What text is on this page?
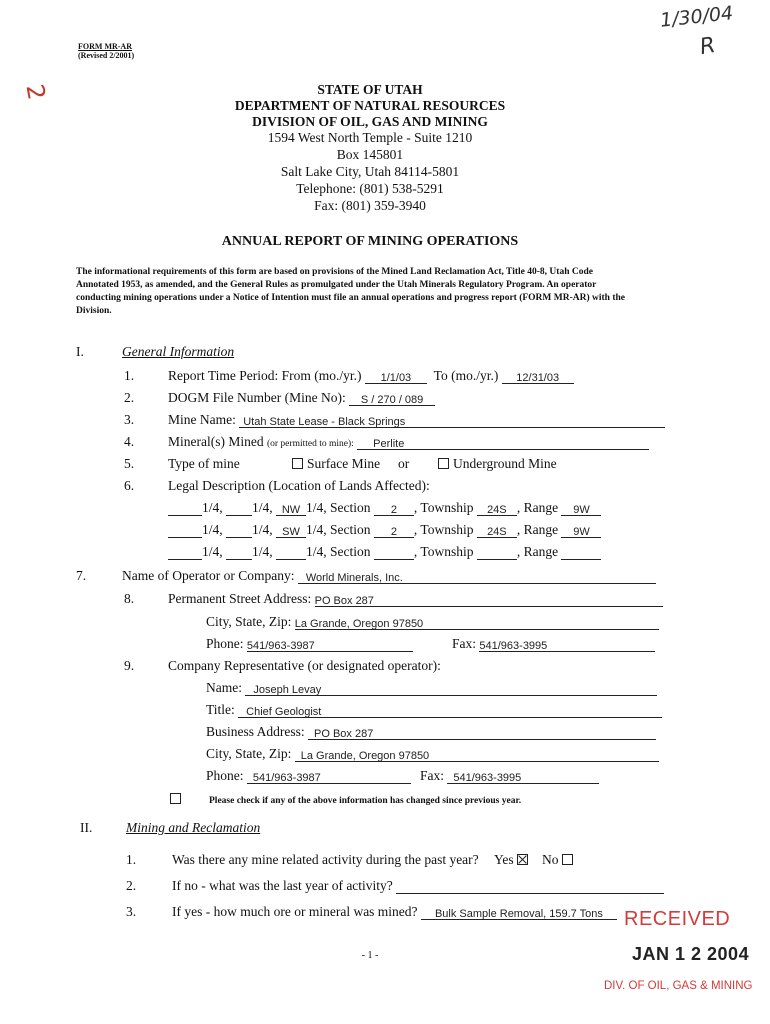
FORM MR-AR
(Revised 2/2001)
1/30/04
R
2	STATE OF UTAH
DEPARTMENT OF NATURAL RESOURCES
DIVISION OF OIL, GAS AND MINING
1594 West North Temple - Suite 1210
Box 145801
Salt Lake City, Utah 84114-5801
Telephone: (801) 538-5291
Fax: (801) 359-3940
ANNUAL REPORT OF MINING OPERATIONS
The informational requirements of this form are based on provisions of the Mined Land Reclamation Act, Title 40-8, Utah Code Annotated 1953, as amended, and the General Rules as promulgated under the Utah Minerals Regulatory Program. An operator conducting mining operations under a Notice of Intention must file an annual operations and progress report (FORM MR-AR) with the Division.
I.	General Information
1.	Report Time Period: From (mo./yr.) 1/1/03 To (mo./yr.) 12/31/03
2.	DOGM File Number (Mine No): S / 270 / 089
3.	Mine Name: Utah State Lease - Black Springs
4.	Mineral(s) Mined (or permitted to mine): Perlite
5.	Type of mine	Surface Mine or	Underground Mine
6.	Legal Description (Location of Lands Affected):
1/4, 1/4, NW 1/4, Section 2 , Township 24S , Range 9W
1/4, 1/4, SW 1/4, Section 2 , Township 24S , Range 9W
1/4, 1/4, 1/4, Section	, Township	, Range
7.	Name of Operator or Company: World Minerals, Inc.
8.	Permanent Street Address: PO Box 287
City, State, Zip: La Grande, Oregon 97850
Phone: 541/963-3987	Fax: 541/963-3995
9.	Company Representative (or designated operator):
Name: Joseph Levay
Title: Chief Geologist
Business Address: PO Box 287
City, State, Zip: La Grande, Oregon 97850
Phone: 541/963-3987	Fax: 541/963-3995
Please check if any of the above information has changed since previous year.
II. Mining and Reclamation
1.	Was there any mine related activity during the past year? Yes	No
2.	If no - what was the last year of activity?
3.	If yes - how much ore or mineral was mined? Bulk Sample Removal, 159.7 Tons
- 1 -
RECEIVED
JAN 1 2 2004
DIV. OF OIL, GAS & MINING
